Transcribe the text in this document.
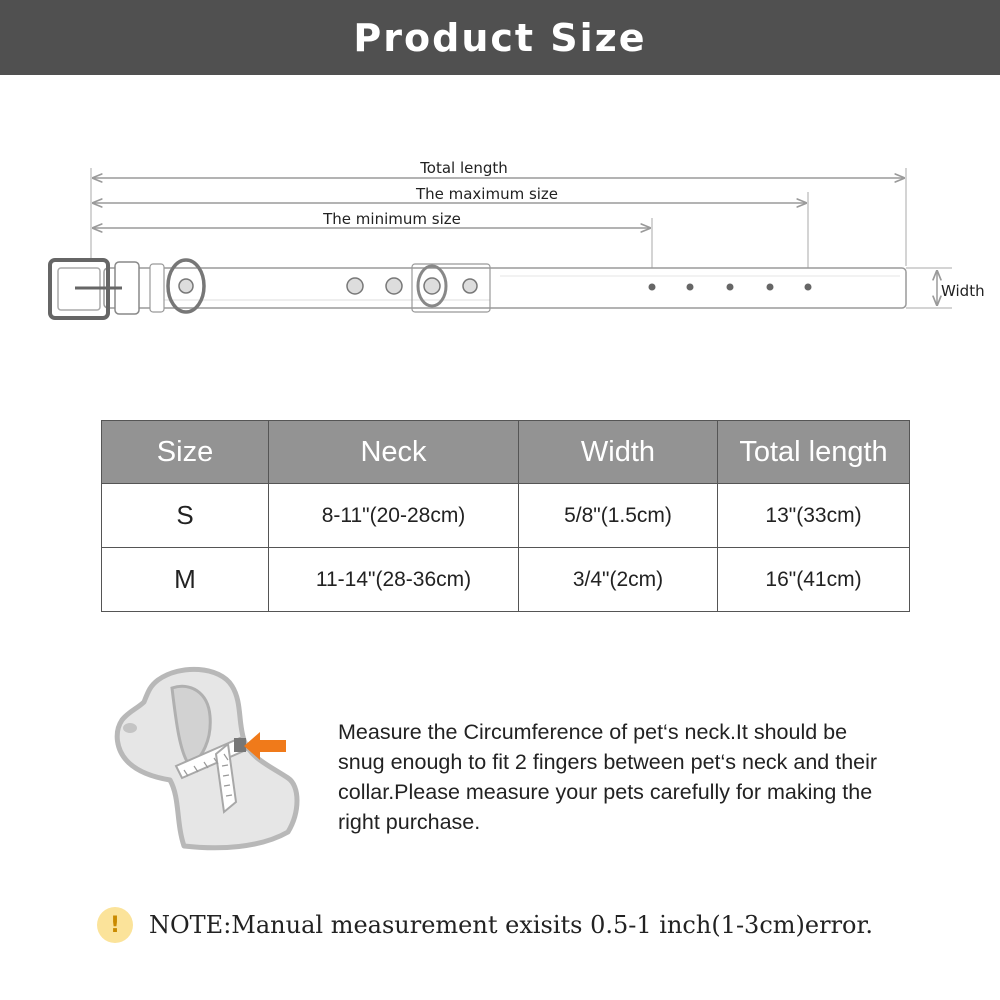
Product Size
Total length
The maximum size
The minimum size
Width
Size	Neck	Width	Total length
S	8-11"(20-28cm)	5/8"(1.5cm)	13"(33cm)
M	11-14"(28-36cm)	3/4"(2cm)	16"(41cm)

Measure the Circumference of pet‘s neck.It should be snug enough to fit 2 fingers between pet‘s neck and their collar.Please measure your pets carefully for making the right purchase.

!	NOTE:Manual measurement exisits 0.5-1 inch(1-3cm)error.
